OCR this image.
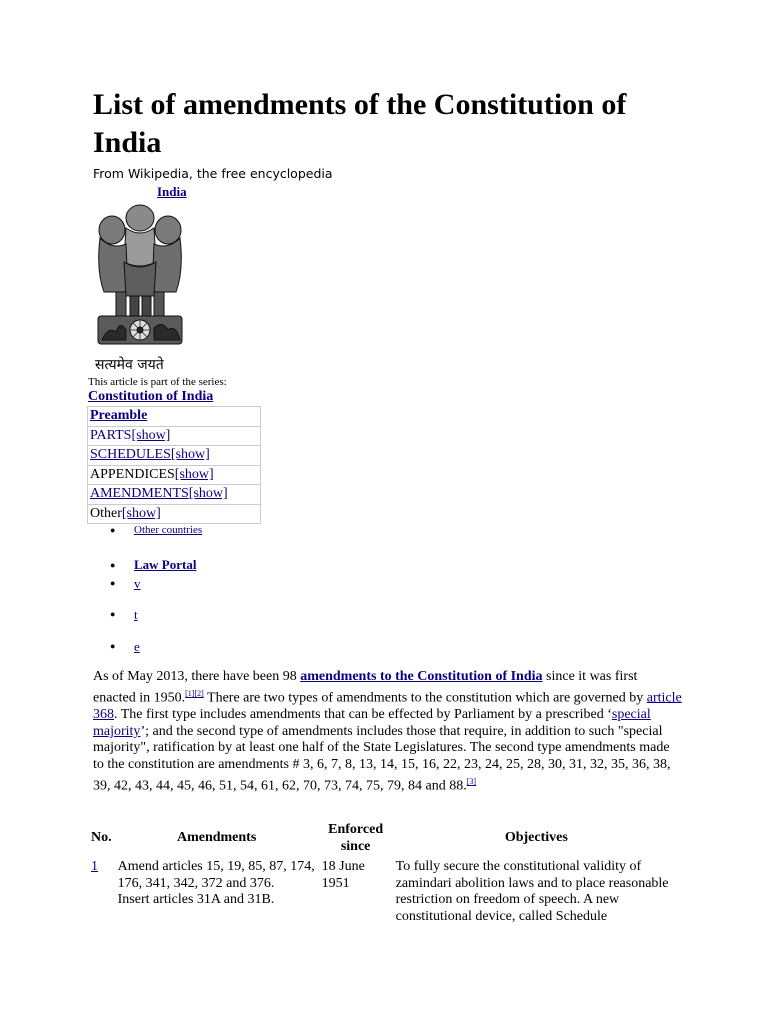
List of amendments of the Constitution of India
From Wikipedia, the free encyclopedia
India
सत्यमेव जयते
This article is part of the series:
Constitution of India
Preamble
PARTS[show]
SCHEDULES[show]
APPENDICES[show]
AMENDMENTS[show]
Other[show]
● Other countries
● Law Portal
● v
● t
● e

As of May 2013, there have been 98 amendments to the Constitution of India since it was first enacted in 1950.[1][2] There are two types of amendments to the constitution which are governed by article 368. The first type includes amendments that can be effected by Parliament by a prescribed ‘special majority’; and the second type of amendments includes those that require, in addition to such "special majority", ratification by at least one half of the State Legislatures. The second type amendments made to the constitution are amendments # 3, 6, 7, 8, 13, 14, 15, 16, 22, 23, 24, 25, 28, 30, 31, 32, 35, 36, 38, 39, 42, 43, 44, 45, 46, 51, 54, 61, 62, 70, 73, 74, 75, 79, 84 and 88.[3]

No.	Amendments	Enforced since	Objectives
1	Amend articles 15, 19, 85, 87, 174, 176, 341, 342, 372 and 376.
Insert articles 31A and 31B.	18 June 1951	To fully secure the constitutional validity of zamindari abolition laws and to place reasonable restriction on freedom of speech. A new constitutional device, called Schedule
